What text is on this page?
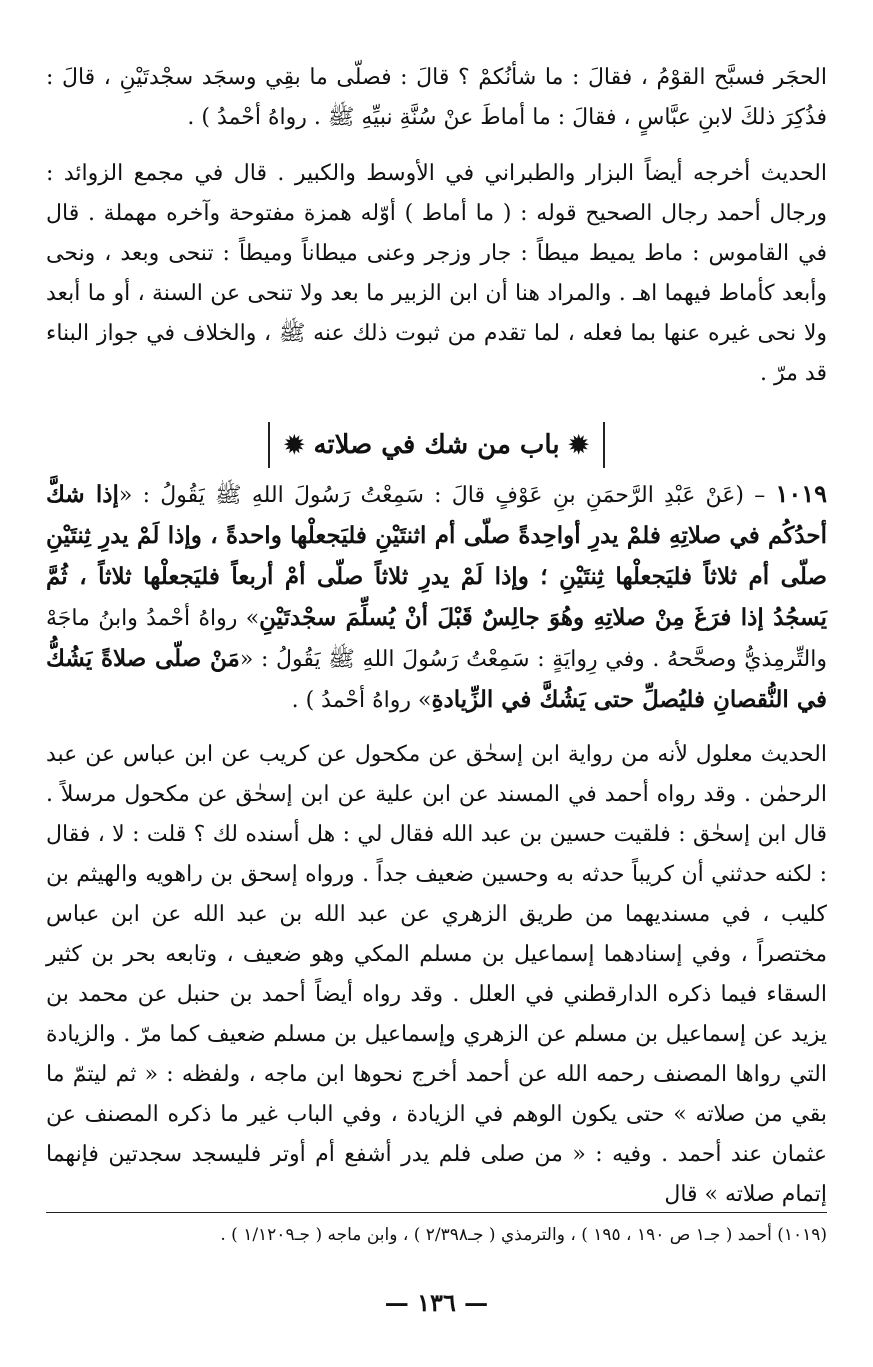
الحجَر فسبَّح القوْمُ ، فقالَ : ما شأنُكمْ ؟ قالَ : فصلّى ما بقِي وسجَد سجْدتَيْنِ ، قالَ : فذُكِرَ ذلكَ لابنِ عبَّاسٍ ، فقالَ : ما أماطَ عنْ سُنَّةِ نبيِّهِ ﷺ . رواهُ أحْمدُ ) .

الحديث أخرجه أيضاً البزار والطبراني في الأوسط والكبير . قال في مجمع الزوائد : ورجال أحمد رجال الصحيح قوله : ( ما أماط ) أوّله همزة مفتوحة وآخره مهملة . قال في القاموس : ماط يميط ميطاً : جار وزجر وعنى ميطاناً وميطاً : تنحى وبعد ، ونحى وأبعد كأماط فيهما اهـ . والمراد هنا أن ابن الزبير ما بعد ولا تنحى عن السنة ، أو ما أبعد ولا نحى غيره عنها بما فعله ، لما تقدم من ثبوت ذلك عنه ﷺ ، والخلاف في جواز البناء قد مرّ .

✹ باب من شك في صلاته ✹

١٠١٩ – (عَنْ عَبْدِ الرَّحمَنِ بنِ عَوْفٍ قالَ : سَمِعْتُ رَسُولَ اللهِ ﷺ يَقُولُ : «إذا شكَّ أحدُكُم في صلاتِهِ فلمْ يدرِ أواحِدةً صلّى أم اثنتَيْنِ فليَجعلْها واحدةً ، وإذا لَمْ يدرِ ثِنتَيْنِ صلّى أم ثلاثاً فليَجعلْها ثِنتَيْنِ ؛ وإذا لَمْ يدرِ ثلاثاً صلّى أمْ أربعاً فليَجعلْها ثلاثاً ، ثُمَّ يَسجُدُ إذا فرَغَ مِنْ صلاتِهِ وهُوَ جالِسٌ قَبْلَ أنْ يُسلِّمَ سجْدتَيْنِ» رواهُ أحْمدُ وابنُ ماجَهْ والتِّرمِذيُّ وصحَّحهُ . وفي رِوايَةٍ : سَمِعْتُ رَسُولَ اللهِ ﷺ يَقُولُ : «مَنْ صلّى صلاةً يَشُكُّ في النُّقصانِ فليُصلِّ حتى يَشُكَّ في الزِّيادةِ» رواهُ أحْمدُ ) .

الحديث معلول لأنه من رواية ابن إسحٰق عن مكحول عن كريب عن ابن عباس عن عبد الرحمٰن . وقد رواه أحمد في المسند عن ابن علية عن ابن إسحٰق عن مكحول مرسلاً . قال ابن إسحٰق : فلقيت حسين بن عبد الله فقال لي : هل أسنده لك ؟ قلت : لا ، فقال : لكنه حدثني أن كريباً حدثه به وحسين ضعيف جداً . ورواه إسحق بن راهويه والهيثم بن كليب ، في مسنديهما من طريق الزهري عن عبد الله بن عبد الله عن ابن عباس مختصراً ، وفي إسنادهما إسماعيل بن مسلم المكي وهو ضعيف ، وتابعه بحر بن كثير السقاء فيما ذكره الدارقطني في العلل . وقد رواه أيضاً أحمد بن حنبل عن محمد بن يزيد عن إسماعيل بن مسلم عن الزهري وإسماعيل بن مسلم ضعيف كما مرّ . والزيادة التي رواها المصنف رحمه الله عن أحمد أخرج نحوها ابن ماجه ، ولفظه : « ثم ليتمّ ما بقي من صلاته » حتى يكون الوهم في الزيادة ، وفي الباب غير ما ذكره المصنف عن عثمان عند أحمد . وفيه : « من صلى فلم يدر أشفع أم أوتر فليسجد سجدتين فإنهما إتمام صلاته » قال

(١٠١٩) أحمد ( جـ١ ص ١٩٠ ، ١٩٥ ) ، والترمذي ( جـ٢/٣٩٨ ) ، وابن ماجه ( جـ١/١٢٠٩ ) .
— ١٣٦ —
